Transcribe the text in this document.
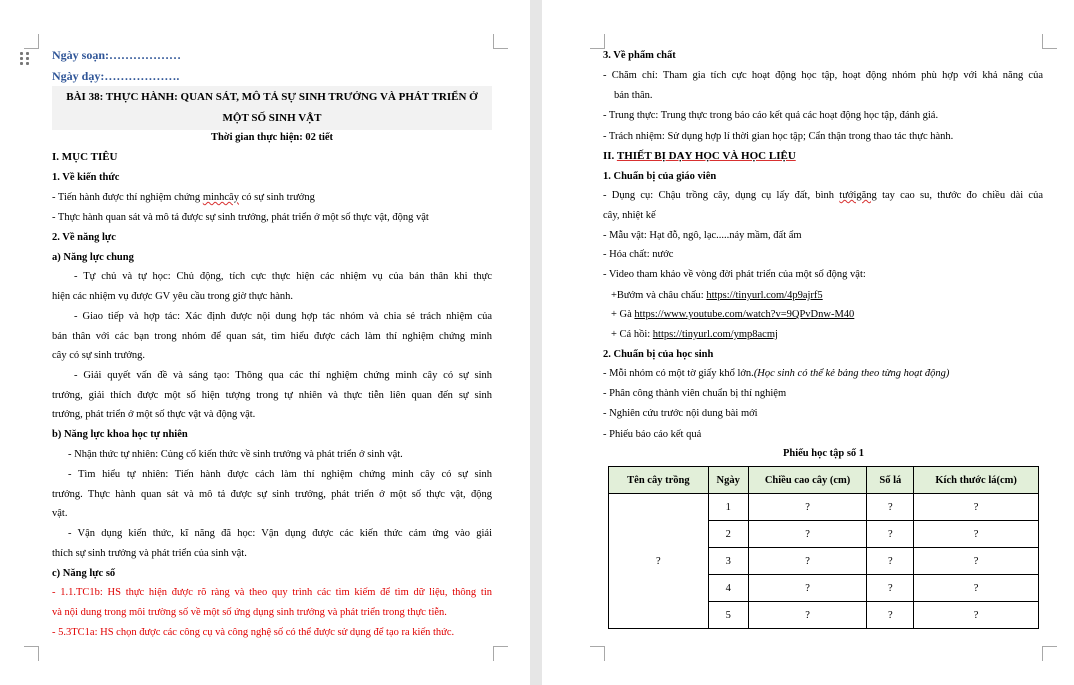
Ngày soạn:………………
Ngày dạy:……………….
BÀI 38: THỰC HÀNH: QUAN SÁT, MÔ TẢ SỰ SINH TRƯỞNG VÀ PHÁT TRIỂN Ở
MỘT SỐ SINH VẬT
Thời gian thực hiện: 02 tiết
I. MỤC TIÊU
1. Về kiến thức
- Tiến hành được thí nghiệm chứng minhcây có sự sinh trưởng
- Thực hành quan sát và mô tả được sự sinh trưởng, phát triển ở một số thực vật, động vật
2. Về năng lực
a) Năng lực chung
- Tự chủ và tự học: Chủ động, tích cực thực hiện các nhiệm vụ của bản thân khi thực
hiện các nhiệm vụ được GV yêu cầu trong giờ thực hành.
- Giao tiếp và hợp tác: Xác định được nội dung hợp tác nhóm và chia sẻ trách nhiệm của
bản thân với các bạn trong nhóm để quan sát, tìm hiểu được cách làm thí nghiệm chứng minh
cây có sự sinh trưởng.
- Giải quyết vấn đề và sáng tạo: Thông qua các thí nghiệm chứng minh cây có sự sinh
trưởng, giải thích được một số hiện tượng trong tự nhiên và thực tiễn liên quan đến sự sinh
trưởng, phát triển ở một số thực vật và động vật.
b) Năng lực khoa học tự nhiên
- Nhận thức tự nhiên: Củng cố kiến thức về sinh trưởng và phát triển ở sinh vật.
- Tìm hiểu tự nhiên: Tiến hành được cách làm thí nghiệm chứng minh cây có sự sinh
trưởng. Thực hành quan sát và mô tả được sự sinh trưởng, phát triển ở một số thực vật, động
vật.
- Vận dụng kiến thức, kĩ năng đã học: Vận dụng được các kiến thức cảm ứng vào giải
thích sự sinh trưởng và phát triển của sinh vật.
c) Năng lực số
- 1.1.TC1b: HS thực hiện được rõ ràng và theo quy trình các tìm kiếm để tìm dữ liệu, thông tin
và nội dung trong môi trường số về một số ứng dụng sinh trưởng và phát triển trong thực tiễn.
- 5.3TC1a: HS chọn được các công cụ và công nghệ số có thể được sử dụng để tạo ra kiến thức.
3. Về phẩm chất
- Chăm chỉ: Tham gia tích cực hoạt động học tập, hoạt động nhóm phù hợp với khả năng của
bản thân.
- Trung thực: Trung thực trong báo cáo kết quả các hoạt động học tập, đánh giá.
- Trách nhiệm: Sử dụng hợp lí thời gian học tập; Cẩn thận trong thao tác thực hành.
II. THIẾT BỊ DẠY HỌC VÀ HỌC LIỆU
1. Chuẩn bị của giáo viên
- Dụng cụ: Chậu trồng cây, dụng cụ lấy đất, bình tướigăng tay cao su, thước đo chiều dài của
cây, nhiệt kế
- Mẫu vật: Hạt đỗ, ngô, lạc.....nảy mầm, đất ẩm
- Hóa chất: nước
- Video tham khảo về vòng đời phát triển của một số động vật:
+Bướm và châu chấu: https://tinyurl.com/4p9ajrf5
+ Gà https://www.youtube.com/watch?v=9QPvDnw-M40
+ Cá hồi: https://tinyurl.com/ymp8acmj
2. Chuẩn bị của học sinh
- Mỗi nhóm có một tờ giấy khổ lớn.(Học sinh có thể kẻ bảng theo từng hoạt động)
- Phân công thành viên chuẩn bị thí nghiệm
- Nghiên cứu trước nội dung bài mới
- Phiếu báo cáo kết quả
Phiếu học tập số 1
Tên cây trồng	Ngày	Chiều cao cây (cm)	Số lá	Kích thước lá(cm)
?	1	?	?	?
	2	?	?	?
	3	?	?	?
	4	?	?	?
	5	?	?	?
